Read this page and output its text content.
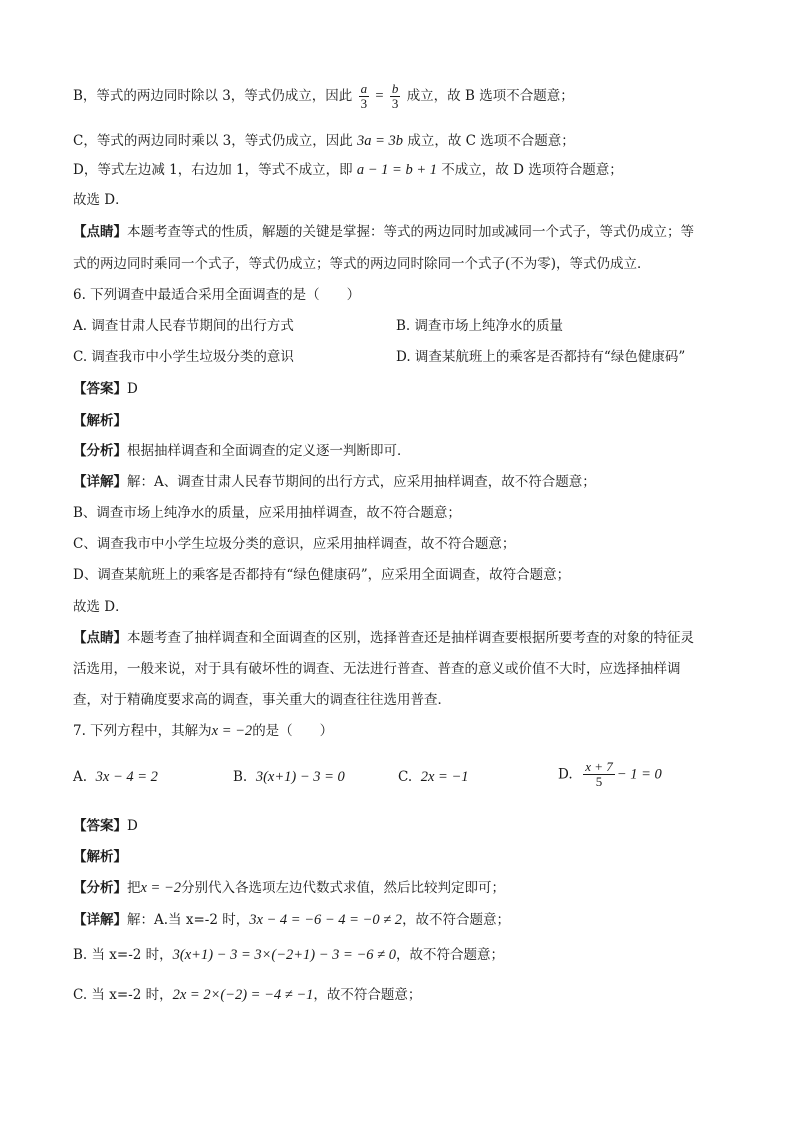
B，等式的两边同时除以 3，等式仍成立，因此 $\frac{a}{3} = \frac{b}{3}$ 成立，故 B 选项不合题意；
C，等式的两边同时乘以 3，等式仍成立，因此 3a = 3b 成立，故 C 选项不合题意；
D，等式左边减 1，右边加 1，等式不成立，即 a − 1 = b + 1 不成立，故 D 选项符合题意；
故选 D．
【点睛】本题考查等式的性质，解题的关键是掌握：等式的两边同时加或减同一个式子，等式仍成立；等
式的两边同时乘同一个式子，等式仍成立；等式的两边同时除同一个式子(不为零)，等式仍成立．
6. 下列调查中最适合采用全面调查的是（　　）
A. 调查甘肃人民春节期间的出行方式	B. 调查市场上纯净水的质量
C. 调查我市中小学生垃圾分类的意识	D. 调查某航班上的乘客是否都持有“绿色健康码”
【答案】D
【解析】
【分析】根据抽样调查和全面调查的定义逐一判断即可．
【详解】解：A、调查甘肃人民春节期间的出行方式，应采用抽样调查，故不符合题意；
B、调查市场上纯净水的质量，应采用抽样调查，故不符合题意；
C、调查我市中小学生垃圾分类的意识，应采用抽样调查，故不符合题意；
D、调查某航班上的乘客是否都持有“绿色健康码”，应采用全面调查，故符合题意；
故选 D．
【点睛】本题考查了抽样调查和全面调查的区别，选择普查还是抽样调查要根据所要考查的对象的特征灵
活选用，一般来说，对于具有破坏性的调查、无法进行普查、普查的意义或价值不大时，应选择抽样调
查，对于精确度要求高的调查，事关重大的调查往往选用普查．
7. 下列方程中，其解为x = −2的是（　　）
A. 3x − 4 = 2	B. 3(x+1) − 3 = 0	C. 2x = −1	D. $\frac{x + 7}{5} - 1 = 0$
【答案】D
【解析】
【分析】把x = −2分别代入各选项左边代数式求值，然后比较判定即可；
【详解】解：A.当 x=-2 时，3x − 4 = −6 − 4 = −0 ≠ 2，故不符合题意；
B. 当 x=-2 时，3(x+1) − 3 = 3×(−2+1) − 3 = −6 ≠ 0，故不符合题意；
C. 当 x=-2 时，2x = 2×(−2) = −4 ≠ −1，故不符合题意；
